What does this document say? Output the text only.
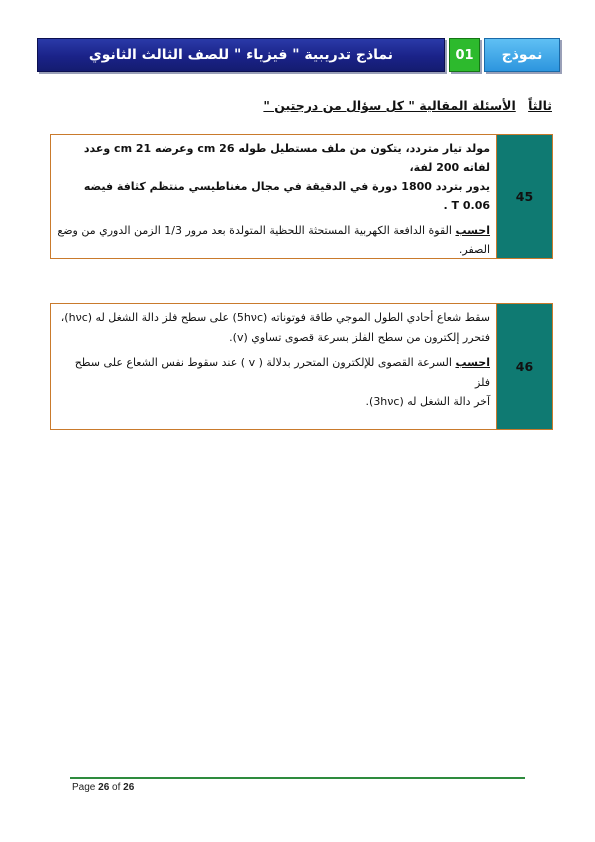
نماذج تدريبية " فيزياء " للصف الثالث الثانوي	01 نموذج
ثالثاً الأسئلة المقالية " كل سؤال من درجتين "

مولد تيار متردد، يتكون من ملف مستطيل طوله 26 cm وعرضه 21 cm وعدد لفاته 200 لفة،

يدور بتردد 1800 دورة في الدقيقة في مجال مغناطيسي منتظم كثافة فيضه 0.06 T .

احسب القوة الدافعة الكهربية المستحثة اللحظية المتولدة بعد مرور 1/3 الزمن الدوري من وضع

الصفر.

45

سقط شعاع أحادي الطول الموجي طاقة فوتوناته (5hνc) على سطح فلز دالة الشغل له (hνc)،

فتحرر إلكترون من سطح الفلز بسرعة قصوى تساوي (v).

احسب السرعة القصوى للإلكترون المتحرر بدلالة ( v ) عند سقوط نفس الشعاع على سطح فلز

آخر دالة الشغل له (3hνc).

46
Page 26 of 26
